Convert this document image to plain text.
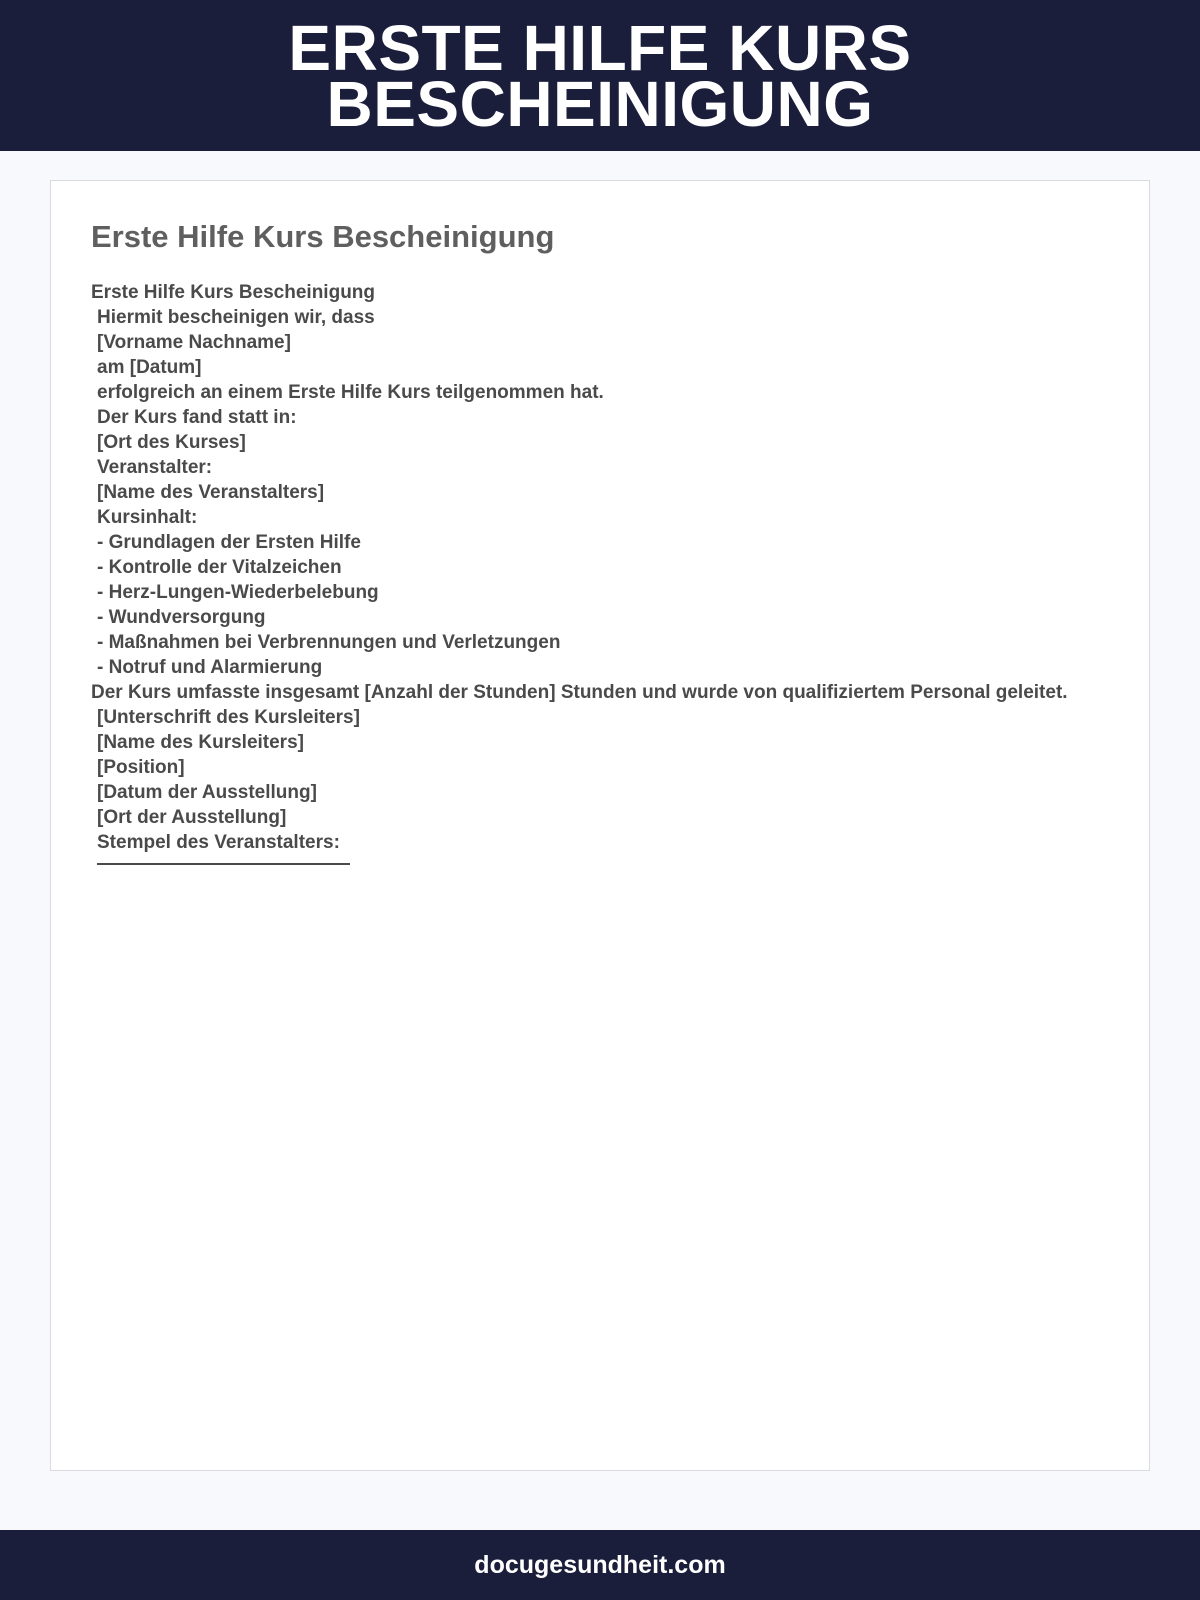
ERSTE HILFE KURS BESCHEINIGUNG
Erste Hilfe Kurs Bescheinigung
Erste Hilfe Kurs Bescheinigung
Hiermit bescheinigen wir, dass
[Vorname Nachname]
am [Datum]
erfolgreich an einem Erste Hilfe Kurs teilgenommen hat.
Der Kurs fand statt in:
[Ort des Kurses]
Veranstalter:
[Name des Veranstalters]
Kursinhalt:
- Grundlagen der Ersten Hilfe
- Kontrolle der Vitalzeichen
- Herz-Lungen-Wiederbelebung
- Wundversorgung
- Maßnahmen bei Verbrennungen und Verletzungen
- Notruf und Alarmierung
Der Kurs umfasste insgesamt [Anzahl der Stunden] Stunden und wurde von qualifiziertem Personal geleitet.
[Unterschrift des Kursleiters]
[Name des Kursleiters]
[Position]
[Datum der Ausstellung]
[Ort der Ausstellung]
Stempel des Veranstalters:
docugesundheit.com
